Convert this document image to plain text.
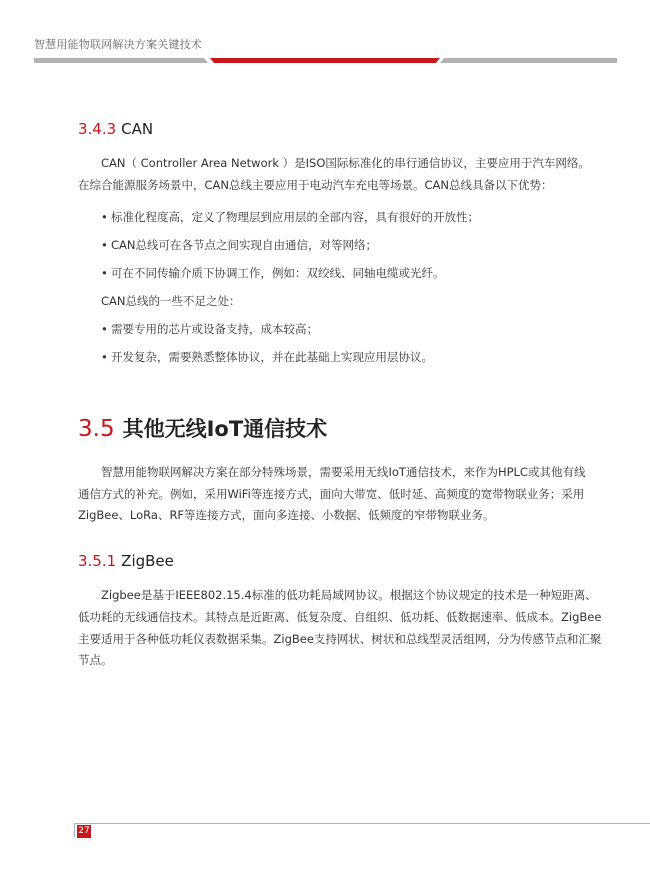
智慧用能物联网解决方案关键技术
3.4.3 CAN

CAN（ Controller Area Network ）是ISO国际标准化的串行通信协议，主要应用于汽车网络。

在综合能源服务场景中，CAN总线主要应用于电动汽车充电等场景。CAN总线具备以下优势：

• 标准化程度高，定义了物理层到应用层的全部内容，具有很好的开放性；
• CAN总线可在各节点之间实现自由通信，对等网络；
• 可在不同传输介质下协调工作，例如：双绞线、同轴电缆或光纤。

CAN总线的一些不足之处：

• 需要专用的芯片或设备支持，成本较高；
• 开发复杂，需要熟悉整体协议，并在此基础上实现应用层协议。
3.5 其他无线IoT通信技术

智慧用能物联网解决方案在部分特殊场景，需要采用无线IoT通信技术，来作为HPLC或其他有线

通信方式的补充。例如，采用WiFi等连接方式，面向大带宽、低时延、高频度的宽带物联业务；采用

ZigBee、LoRa、RF等连接方式，面向多连接、小数据、低频度的窄带物联业务。

3.5.1 ZigBee

Zigbee是基于IEEE802.15.4标准的低功耗局域网协议。根据这个协议规定的技术是一种短距离、

低功耗的无线通信技术。其特点是近距离、低复杂度、自组织、低功耗、低数据速率、低成本。ZigBee

主要适用于各种低功耗仪表数据采集。ZigBee支持网状、树状和总线型灵活组网，分为传感节点和汇聚

节点。

27
